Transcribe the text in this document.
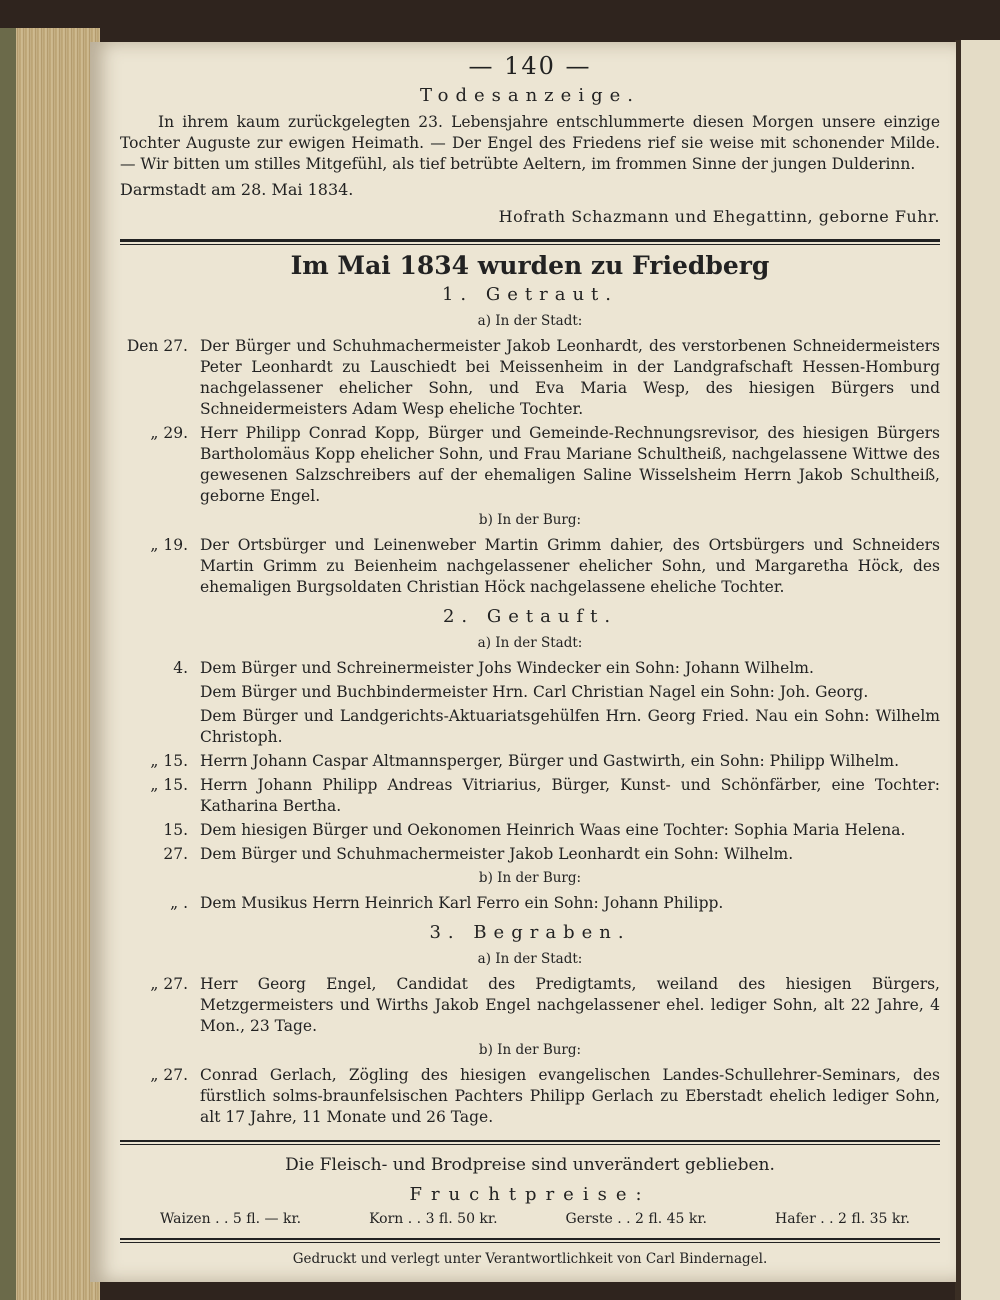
— 140 —
Todesanzeige.
In ihrem kaum zurückgelegten 23. Lebensjahre entschlummerte diesen Morgen unsere einzige Tochter Auguste zur ewigen Heimath. — Der Engel des Friedens rief sie weise mit schonender Milde. — Wir bitten um stilles Mitgefühl, als tief betrübte Aeltern, im frommen Sinne der jungen Dulderinn.
Darmstadt am 28. Mai 1834.
Hofrath Schazmann und Ehegattinn, geborne Fuhr.
Im Mai 1834 wurden zu Friedberg
1. Getraut.
a) In der Stadt:
Den 27. Der Bürger und Schuhmachermeister Jakob Leonhardt, des verstorbenen Schneidermeisters Peter Leonhardt zu Lauschiedt bei Meissenheim in der Landgrafschaft Hessen-Homburg nachgelassener ehelicher Sohn, und Eva Maria Wesp, des hiesigen Bürgers und Schneidermeisters Adam Wesp eheliche Tochter.
„ 29. Herr Philipp Conrad Kopp, Bürger und Gemeinde-Rechnungsrevisor, des hiesigen Bürgers Bartholomäus Kopp ehelicher Sohn, und Frau Mariane Schultheiß, nachgelassene Wittwe des gewesenen Salzschreibers auf der ehemaligen Saline Wisselsheim Herrn Jakob Schultheiß, geborne Engel.
b) In der Burg:
„ 19. Der Ortsbürger und Leinenweber Martin Grimm dahier, des Ortsbürgers und Schneiders Martin Grimm zu Beienheim nachgelassener ehelicher Sohn, und Margaretha Höck, des ehemaligen Burgsoldaten Christian Höck nachgelassene eheliche Tochter.
2. Getauft.
a) In der Stadt:
4. Dem Bürger und Schreinermeister Johs Windecker ein Sohn: Johann Wilhelm.
Dem Bürger und Buchbindermeister Hrn. Carl Christian Nagel ein Sohn: Joh. Georg.
Dem Bürger und Landgerichts-Aktuariatsgehülfen Hrn. Georg Fried. Nau ein Sohn: Wilhelm Christoph.
„ 15. Herrn Johann Caspar Altmannsperger, Bürger und Gastwirth, ein Sohn: Philipp Wilhelm.
„ 15. Herrn Johann Philipp Andreas Vitriarius, Bürger, Kunst- und Schönfärber, eine Tochter: Katharina Bertha.
15. Dem hiesigen Bürger und Oekonomen Heinrich Waas eine Tochter: Sophia Maria Helena.
27. Dem Bürger und Schuhmachermeister Jakob Leonhardt ein Sohn: Wilhelm.
b) In der Burg:
„ . Dem Musikus Herrn Heinrich Karl Ferro ein Sohn: Johann Philipp.
3. Begraben.
a) In der Stadt:
„ 27. Herr Georg Engel, Candidat des Predigtamts, weiland des hiesigen Bürgers, Metzgermeisters und Wirths Jakob Engel nachgelassener ehel. lediger Sohn, alt 22 Jahre, 4 Mon., 23 Tage.
b) In der Burg:
„ 27. Conrad Gerlach, Zögling des hiesigen evangelischen Landes-Schullehrer-Seminars, des fürstlich solms-braunfelsischen Pachters Philipp Gerlach zu Eberstadt ehelich lediger Sohn, alt 17 Jahre, 11 Monate und 26 Tage.
Die Fleisch- und Brodpreise sind unverändert geblieben.
Fruchtpreise:
Waizen . . 5 fl. — kr.	Korn . . 3 fl. 50 kr.	Gerste . . 2 fl. 45 kr.	Hafer . . 2 fl. 35 kr.
Gedruckt und verlegt unter Verantwortlichkeit von Carl Bindernagel.
